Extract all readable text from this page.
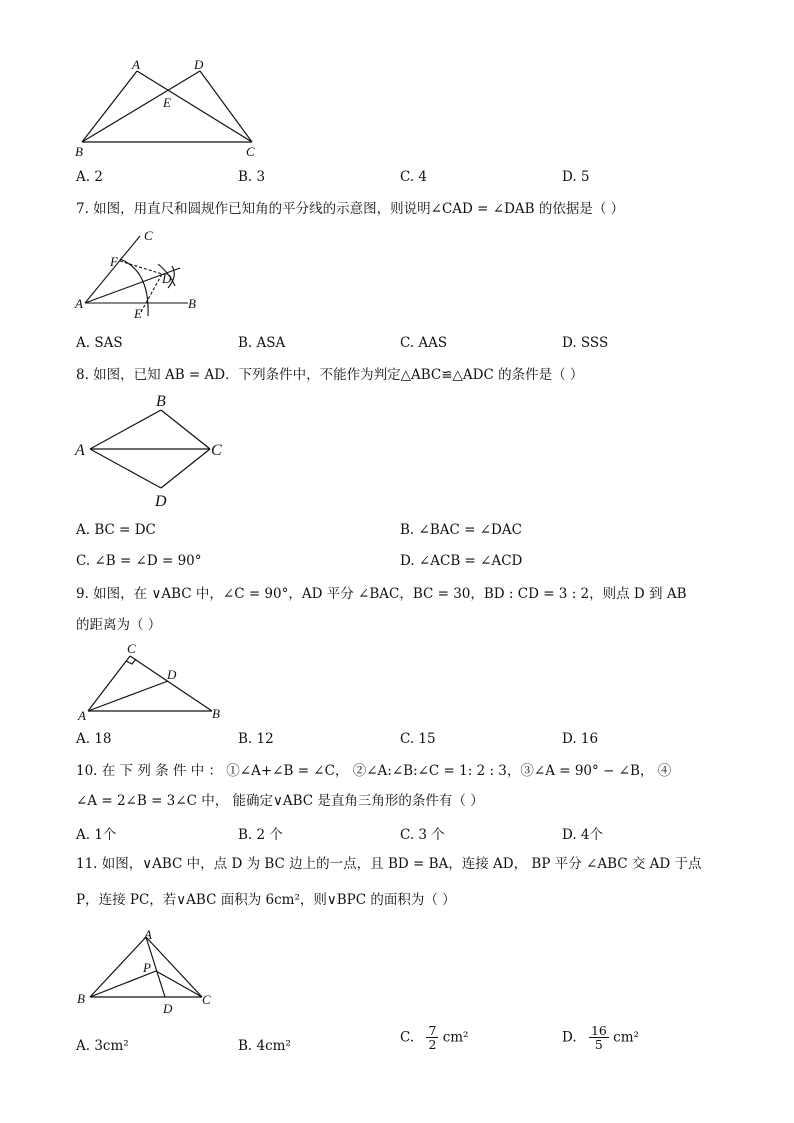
A	D
E
B	C
A. 2	B. 3	C. 4	D. 5
7. 如图，用直尺和圆规作已知角的平分线的示意图，则说明∠CAD = ∠DAB 的依据是（ ）
C
F
D
A
E
B
A. SAS	B. ASA	C. AAS	D. SSS
8. 如图，已知 AB = AD．下列条件中，不能作为判定△ABC≌△ADC 的条件是（ ）
B
A	C
D
A. BC = DC	B. ∠BAC = ∠DAC
C. ∠B = ∠D = 90°	D. ∠ACB = ∠ACD
9. 如图，在 ∨ABC 中，∠C = 90°，AD 平分 ∠BAC，BC = 30，BD : CD = 3 : 2，则点 D 到 AB
的距离为（ ）
C
D
A	B
A. 18	B. 12	C. 15	D. 16
10. 在 下 列 条 件 中 ： ①∠A+∠B = ∠C， ②∠A:∠B:∠C = 1: 2 : 3，③∠A = 90° − ∠B， ④
∠A = 2∠B = 3∠C 中， 能确定∨ABC 是直角三角形的条件有（ ）
A. 1个	B. 2 个	C. 3 个	D. 4个
11. 如图，∨ABC 中，点 D 为 BC 边上的一点，且 BD = BA，连接 AD， BP 平分 ∠ABC 交 AD 于点
P，连接 PC，若∨ABC 面积为 6cm²，则∨BPC 的面积为（ ）
A
P
B
D
C
A. 3cm²	B. 4cm²
C. $\frac{7}{2} cm^2$	D. $\frac{16}{5} cm^2$
